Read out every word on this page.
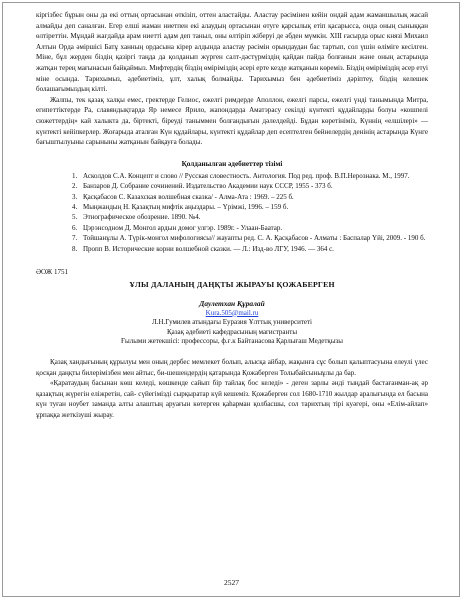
кіргізбес бұрын оны да екі оттың ортасынан өткізіп, оттен аластайды. Аластау рәсімінен кейін ондай адам жаманшылық жасай алмайды деп саналған. Егер елші жаман ниетпен екі алаудың ортасынан өтуге қарсылық етіп қасарысса, онда оның сыныққан өлтіреттін. Мұндай жағдайда арам ниетті адам деп таныл, оны өлтіріп жіберуі де әбден мүмкін. XIII ғасырда орыс князі Михаил Алтын Орда әміршісі Батұ ханның ордасына кірер алдында аластау рәсімін орындаудан бас тартып, сол үшін өліміге кесілген. Міне, бұл жерден біздің қазіргі таңда да қолданып жүрген салт-дәстүрміздің қайдан пайда болғанын және оның астарында жатқан терең мағынасын байқаймыз. Мифтердің біздің өміріміздің әсері ерте кезде жатқанын көреміз. Біздің өміріміздің әсер етуі міне осында. Тарихымыз, әдебиетіміз, ұлт, халық болмайды. Тарихымыз бен әдебиетіміз дәріптеу, біздің келешек болашағымыздың кілті.

Жалпы, тек қазақ халқы емес, гректерде Гелиос, ежелгі римдерде Аполлон, ежелгі парсы, ежелгі үнді танымында Митра, египеттіктерде Ра, славяндықтарда Яр немесе Ярило, жапондарда Аматэрасу секілді күнтекті құдайларды болуы «кошпелі сюжеттердің» кай халыкта да, біртекті, біреуді таныммен болғандығын дәлелдейді. Бұдан көретініміз, Күннің «елшілері» — күнтекті кейіпкерлер. Жоғарыда аталған Күн құдайлары, күнтекті құдайлар деп есептелген бейнелердің денінің астарында Күнге бағыштылуыны сарыныны жатқанын байқауға болады.

Қолданылған әдебиеттер тізімі
1. Асколдов С.А. Концепт и слово // Русская словестность. Антология. Под ред. проф. В.П.Нерознака. М., 1997.
2. Банзаров Д. Собрание сочинений. Издательство Академии наук СССР, 1955 - 373 б.
3. Қасқабасов С. Казахская волшебная сказка/ - Алма-Ата : 1969. – 225 б.
4. Мыңжандың Н. Қазақтың мифтік аңыздары. – Үрімжі, 1996. – 159 б.
5. Этнографическое обозрение. 1890. №4.
6. Цэрэнсодном Д. Монгол ардын домог улгэр. 1989г. - Улаан-Баатар.
7. Тойшанұлы А. Түрік-монгол мифологиясы// жауапты ред. С. А. Қасқабасов - Алматы : Баспалар Үйі, 2009. - 190 б.
8. Пропп В. Исторические корни волшебной сказки. — Л.: Изд-во ЛГУ, 1946. — 364 с.
ӘОЖ 1751
ҰЛЫ ДАЛАНЫҢ ДАҢҚТЫ ЖЫРАУЫ ҚОЖАБЕРГЕН
Даулетхан Құралай
Kura.505@mail.ru
Л.Н.Гумилев атындағы Еуразия Ұлттық университеті
Қазақ әдебиеті кафедрасының магистранты
Ғылыми жетекшісі: профессоры, ф.ғ.к Байтанасова Қарлығаш Медетқызы

Қазақ хандығының құрылуы мен оның дербес мемлекет болып, алысқа айбар, жақынға сұс болып қалыптасуына елеулі үлес қосқан даңқты билерімізбен мен айтыс, би-шешендердің қатарында Қожаберген Толыбайсыныұлы да бар.

«Қаратаудың басынан көш келеді, көшкенде сайып бір тайлақ бос келеді» - деген зарлы әнді тыңдай бастағанман-ақ әр қазақтың жүрегін еліжретін, сай- сүйегімізді сырқыратар күй кешеміз. Қожаберген сол 1680-1710 жылдар аралығында ел басына күн туған ноубет заманда алты алаштың аруағын көтерген қаһарман қолбасшы, сол тарихтың тірі куәгері, оны «Елім-айлап» ұрпаққа жеткізуші жырау.

2527
